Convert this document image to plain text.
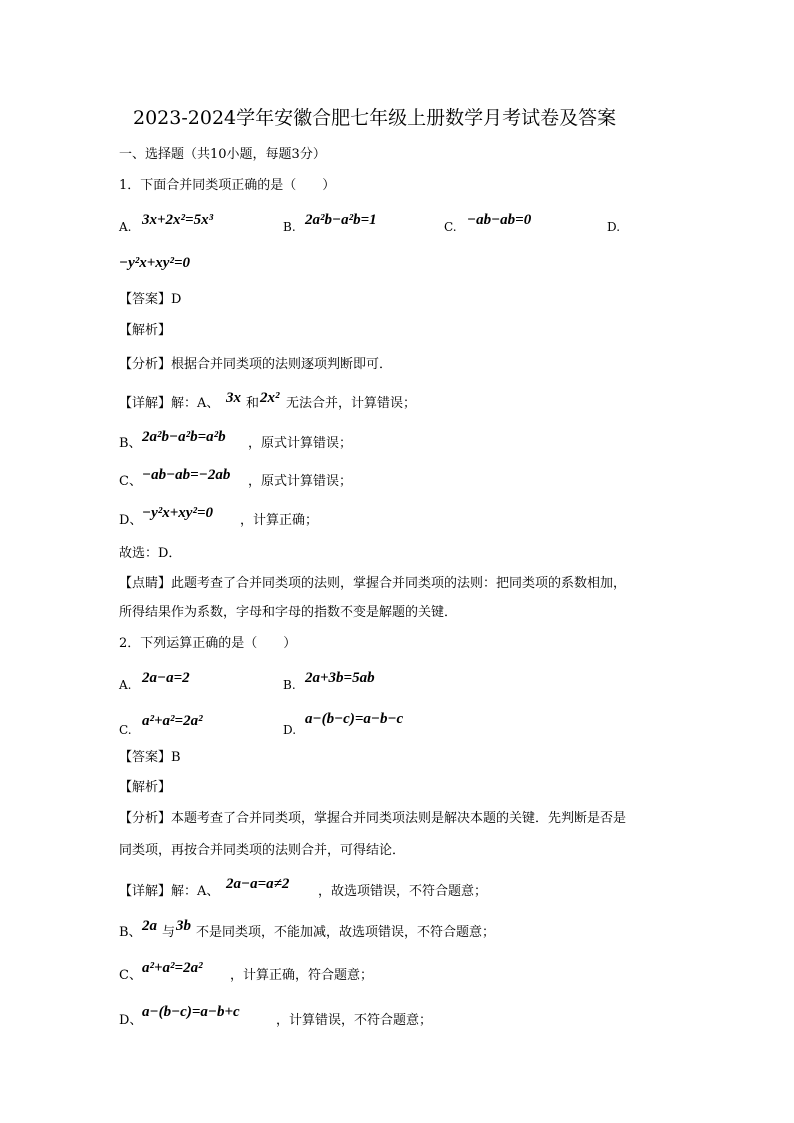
2023-2024学年安徽合肥七年级上册数学月考试卷及答案
一、选择题（共10小题，每题3分）
1．下面合并同类项正确的是（　　）
A. 3x+2x²=5x³	B. 2a²b−a²b=1	C. −ab−ab=0	D.
−y²x+xy²=0
【答案】D
【解析】
【分析】根据合并同类项的法则逐项判断即可．
【详解】解：A、 3x 和 2x² 无法合并，计算错误；
B、 2a²b−a²b=a²b ，原式计算错误；
C、 −ab−ab=−2ab ，原式计算错误；
D、 −y²x+xy²=0 ，计算正确；
故选：D．
【点睛】此题考查了合并同类项的法则，掌握合并同类项的法则：把同类项的系数相加，
所得结果作为系数，字母和字母的指数不变是解题的关键．
2．下列运算正确的是（　　）
A. 2a−a=2	B. 2a+3b=5ab
C.
a²+a²=2a²
D.
a−(b−c)=a−b−c
【答案】B
【解析】
【分析】本题考查了合并同类项，掌握合并同类项法则是解决本题的关键．先判断是否是
同类项，再按合并同类项的法则合并，可得结论．
【详解】解：A、 2a−a=a≠2 ，故选项错误，不符合题意；
B、 2a 与 3b 不是同类项，不能加减，故选项错误，不符合题意；
C、 a²+a²=2a² ，计算正确，符合题意；
D、
a−(b−c)=a−b+c
，计算错误，不符合题意；
